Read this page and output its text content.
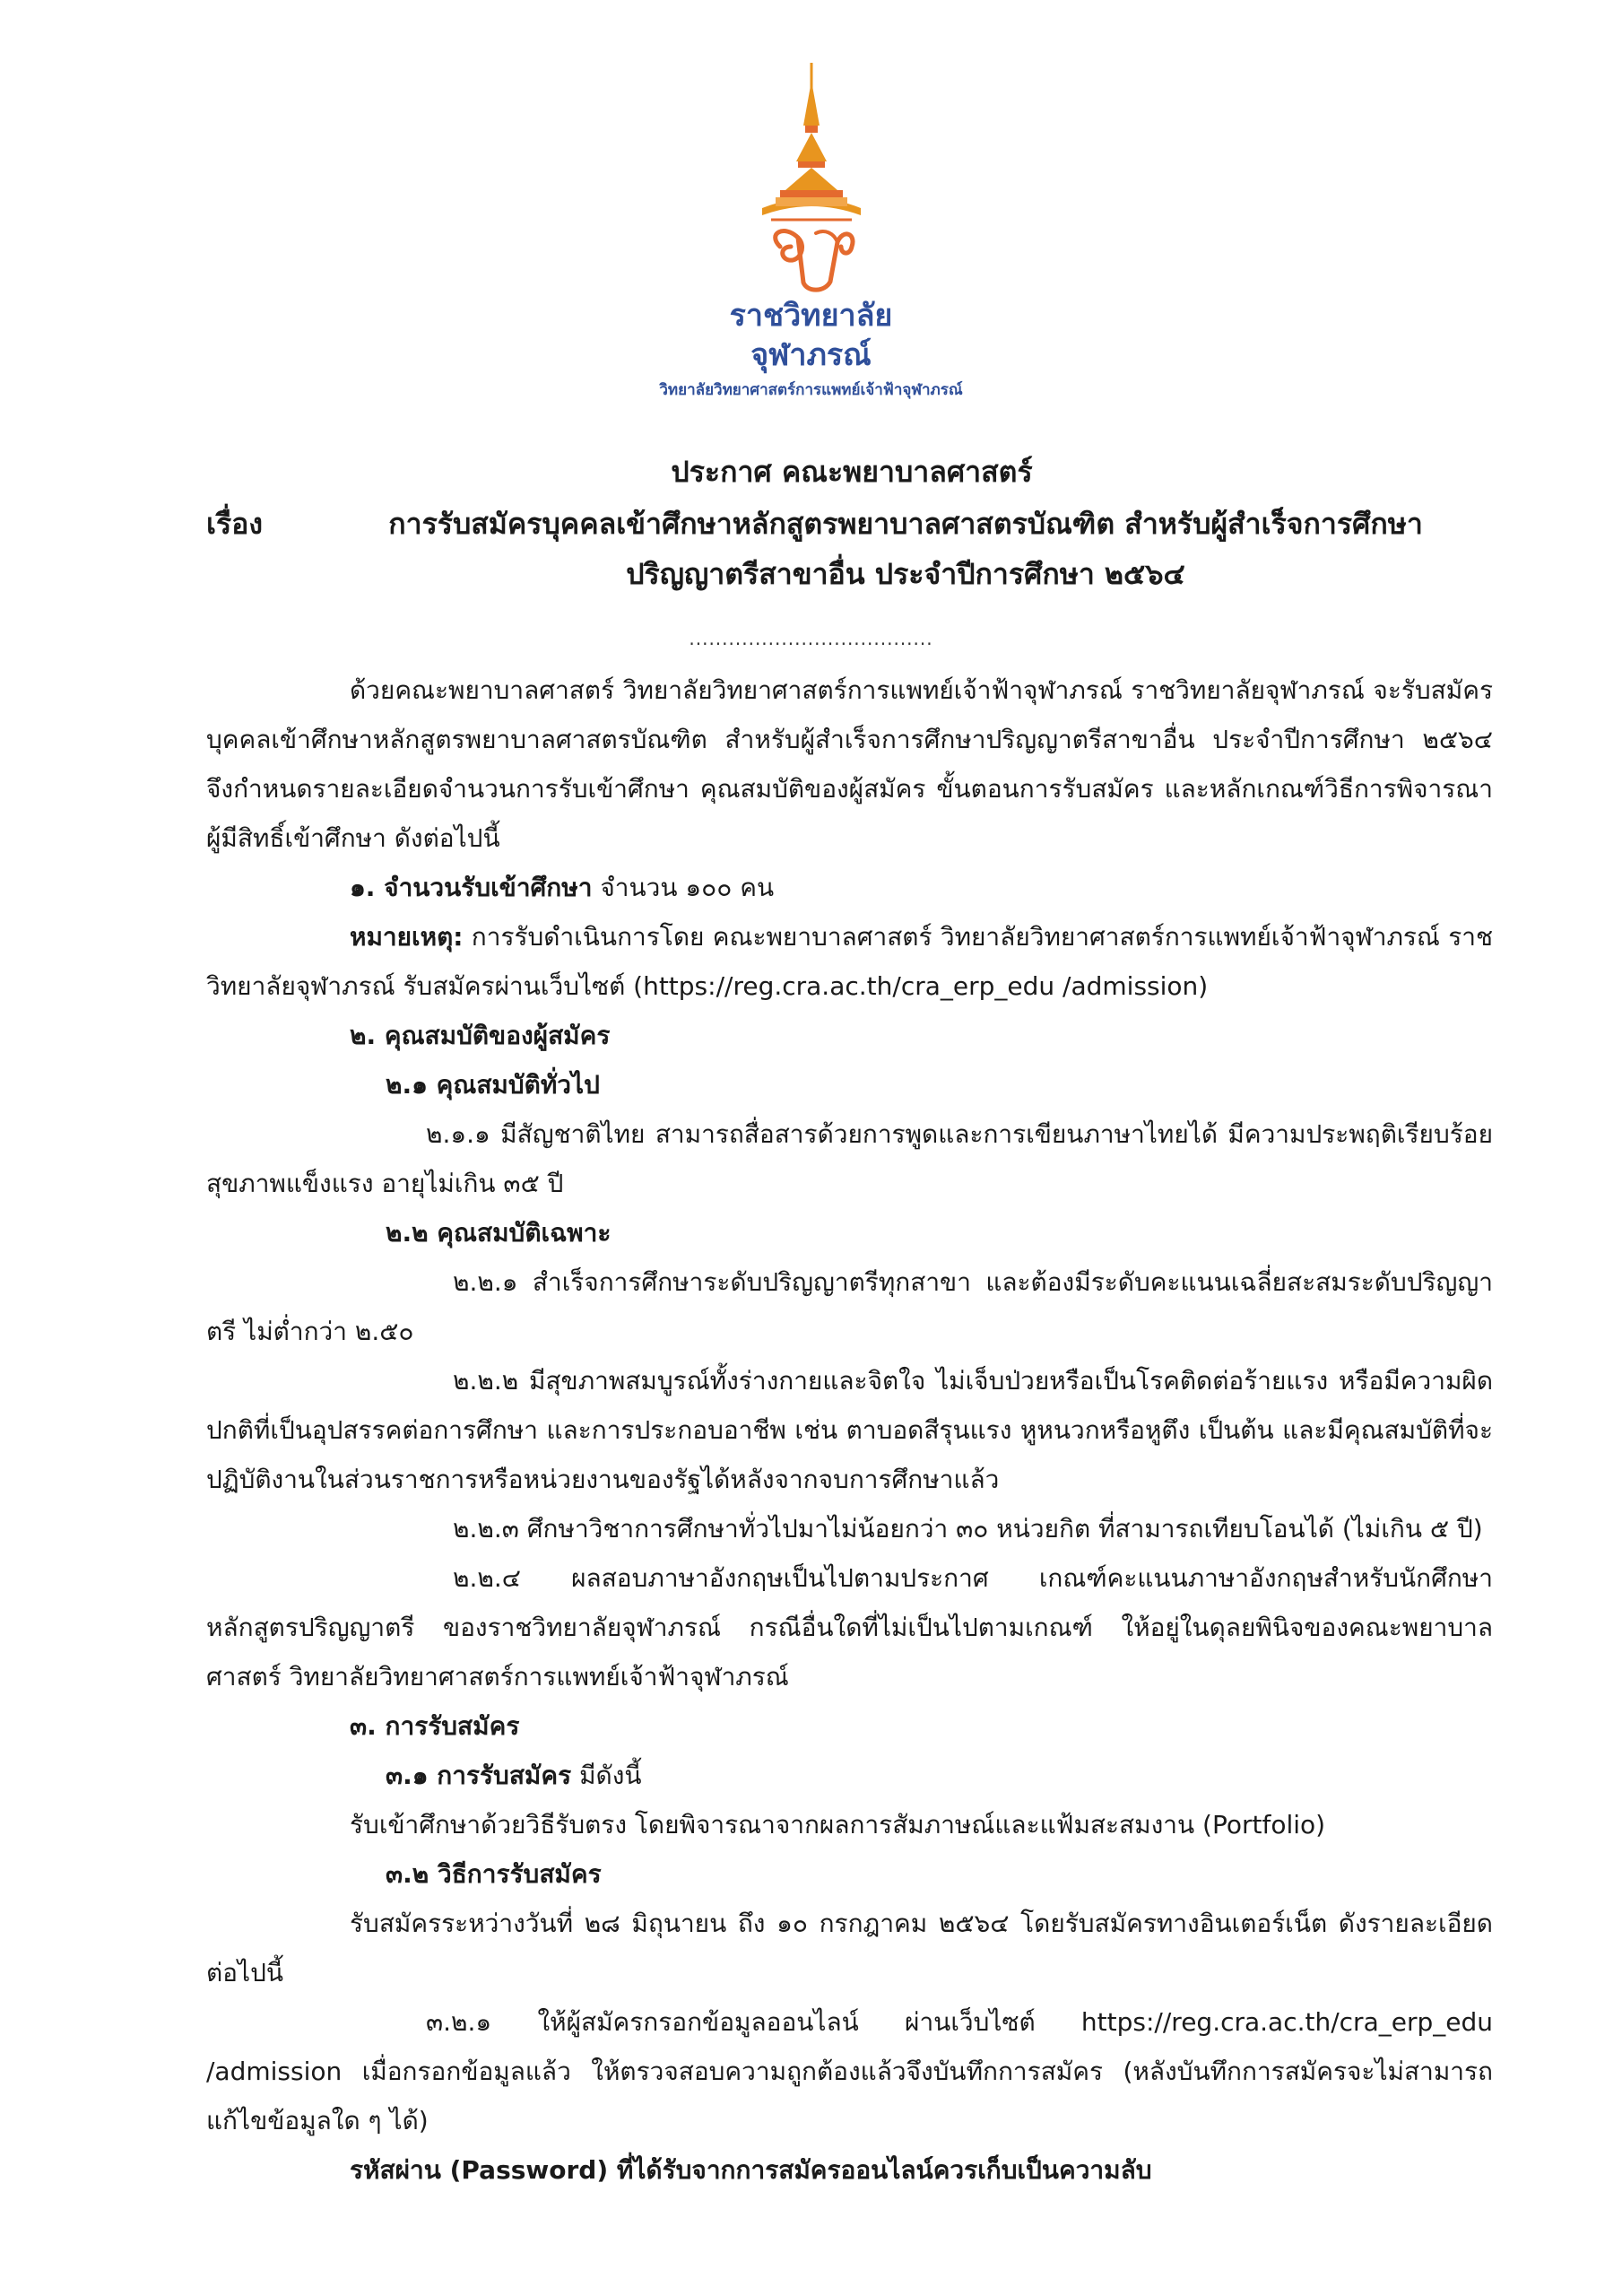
ราชวิทยาลัย
จุฬาภรณ์
วิทยาลัยวิทยาศาสตร์การแพทย์เจ้าฟ้าจุฬาภรณ์
ประกาศ คณะพยาบาลศาสตร์
เรื่อง	การรับสมัครบุคคลเข้าศึกษาหลักสูตรพยาบาลศาสตรบัณฑิต สำหรับผู้สำเร็จการศึกษา
ปริญญาตรีสาขาอื่น ประจำปีการศึกษา ๒๕๖๔
.....................................

ด้วยคณะพยาบาลศาสตร์ วิทยาลัยวิทยาศาสตร์การแพทย์เจ้าฟ้าจุฬาภรณ์ ราชวิทยาลัยจุฬาภรณ์ จะรับสมัครบุคคลเข้าศึกษาหลักสูตรพยาบาลศาสตรบัณฑิต สำหรับผู้สำเร็จการศึกษาปริญญาตรีสาขาอื่น ประจำปีการศึกษา ๒๕๖๔ จึงกำหนดรายละเอียดจำนวนการรับเข้าศึกษา คุณสมบัติของผู้สมัคร ขั้นตอนการรับสมัคร และหลักเกณฑ์วิธีการพิจารณาผู้มีสิทธิ์เข้าศึกษา ดังต่อไปนี้

๑. จำนวนรับเข้าศึกษา จำนวน ๑๐๐ คน

หมายเหตุ: การรับดำเนินการโดย คณะพยาบาลศาสตร์ วิทยาลัยวิทยาศาสตร์การแพทย์เจ้าฟ้าจุฬาภรณ์ ราชวิทยาลัยจุฬาภรณ์ รับสมัครผ่านเว็บไซต์ (https://reg.cra.ac.th/cra_erp_edu /admission)

๒. คุณสมบัติของผู้สมัคร

๒.๑ คุณสมบัติทั่วไป

๒.๑.๑ มีสัญชาติไทย สามารถสื่อสารด้วยการพูดและการเขียนภาษาไทยได้ มีความประพฤติเรียบร้อย สุขภาพแข็งแรง อายุไม่เกิน ๓๕ ปี

๒.๒ คุณสมบัติเฉพาะ

๒.๒.๑ สำเร็จการศึกษาระดับปริญญาตรีทุกสาขา และต้องมีระดับคะแนนเฉลี่ยสะสมระดับปริญญาตรี ไม่ต่ำกว่า ๒.๕๐

๒.๒.๒ มีสุขภาพสมบูรณ์ทั้งร่างกายและจิตใจ ไม่เจ็บป่วยหรือเป็นโรคติดต่อร้ายแรง หรือมีความผิดปกติที่เป็นอุปสรรคต่อการศึกษา และการประกอบอาชีพ เช่น ตาบอดสีรุนแรง หูหนวกหรือหูตึง เป็นต้น และมีคุณสมบัติที่จะปฏิบัติงานในส่วนราชการหรือหน่วยงานของรัฐได้หลังจากจบการศึกษาแล้ว

๒.๒.๓ ศึกษาวิชาการศึกษาทั่วไปมาไม่น้อยกว่า ๓๐ หน่วยกิต ที่สามารถเทียบโอนได้ (ไม่เกิน ๕ ปี)

๒.๒.๔ ผลสอบภาษาอังกฤษเป็นไปตามประกาศ เกณฑ์คะแนนภาษาอังกฤษสำหรับนักศึกษาหลักสูตรปริญญาตรี ของราชวิทยาลัยจุฬาภรณ์ กรณีอื่นใดที่ไม่เป็นไปตามเกณฑ์ ให้อยู่ในดุลยพินิจของคณะพยาบาลศาสตร์ วิทยาลัยวิทยาศาสตร์การแพทย์เจ้าฟ้าจุฬาภรณ์

๓. การรับสมัคร

๓.๑ การรับสมัคร มีดังนี้

รับเข้าศึกษาด้วยวิธีรับตรง โดยพิจารณาจากผลการสัมภาษณ์และแฟ้มสะสมงาน (Portfolio)

๓.๒ วิธีการรับสมัคร

รับสมัครระหว่างวันที่ ๒๘ มิถุนายน ถึง ๑๐ กรกฎาคม ๒๕๖๔ โดยรับสมัครทางอินเตอร์เน็ต ดังรายละเอียดต่อไปนี้

๓.๒.๑ ให้ผู้สมัครกรอกข้อมูลออนไลน์ ผ่านเว็บไซต์ https://reg.cra.ac.th/cra_erp_edu /admission เมื่อกรอกข้อมูลแล้ว ให้ตรวจสอบความถูกต้องแล้วจึงบันทึกการสมัคร (หลังบันทึกการสมัครจะไม่สามารถแก้ไขข้อมูลใด ๆ ได้)

รหัสผ่าน (Password) ที่ได้รับจากการสมัครออนไลน์ควรเก็บเป็นความลับ
